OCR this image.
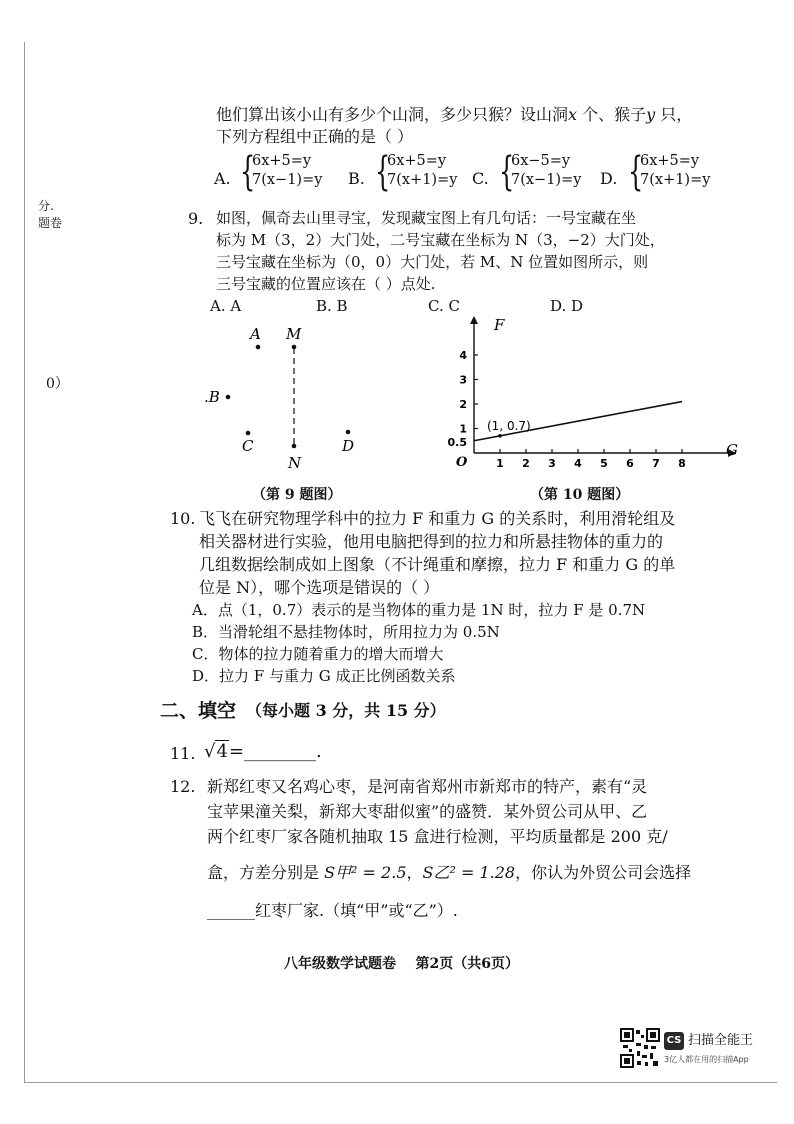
分.
题卷
0）
他们算出该小山有多少个山洞，多少只猴？设山洞x 个、猴子y 只，
下列方程组中正确的是（ ）
A. {
6x+5=y
7(x−1)=y B. {
6x+5=y
7(x+1)=y C. {
6x−5=y
7(x−1)=y D. {
6x+5=y
7(x+1)=y
9. 如图，佩奇去山里寻宝，发现藏宝图上有几句话：一号宝藏在坐
标为 M（3，2）大门处，二号宝藏在坐标为 N（3，−2）大门处，
三号宝藏在坐标为（0，0）大门处，若 M、N 位置如图所示，则
三号宝藏的位置应该在（ ）点处.
A. A	B. B	C. C	D. D
A M
.B
C
N
D
（第 9 题图）
G
F
O	1 2 3 4 5 6 7 8
1
2
3
4
(1, 0.7)
0.5
（第 10 题图）
10. 飞飞在研究物理学科中的拉力 F 和重力 G 的关系时，利用滑轮组及
相关器材进行实验，他用电脑把得到的拉力和所悬挂物体的重力的
几组数据绘制成如上图象（不计绳重和摩擦，拉力 F 和重力 G 的单
位是 N），哪个选项是错误的（ ）
A．点（1，0.7）表示的是当物体的重力是 1N 时，拉力 F 是 0.7N
B．当滑轮组不悬挂物体时，所用拉力为 0.5N
C．物体的拉力随着重力的增大而增大
D．拉力 F 与重力 G 成正比例函数关系
二、填空 （每小题 3 分，共 15 分）
11. √4=________.
12. 新郑红枣又名鸡心枣，是河南省郑州市新郑市的特产，素有“灵
宝苹果潼关梨，新郑大枣甜似蜜”的盛赞．某外贸公司从甲、乙
两个红枣厂家各随机抽取 15 盒进行检测，平均质量都是 200 克/
盒，方差分别是 S甲² = 2.5，S乙² = 1.28，你认为外贸公司会选择
______红枣厂家.（填“甲”或“乙”）.
八年级数学试题卷    第2页（共6页）
CS 扫描全能王
3亿人都在用的扫描App
